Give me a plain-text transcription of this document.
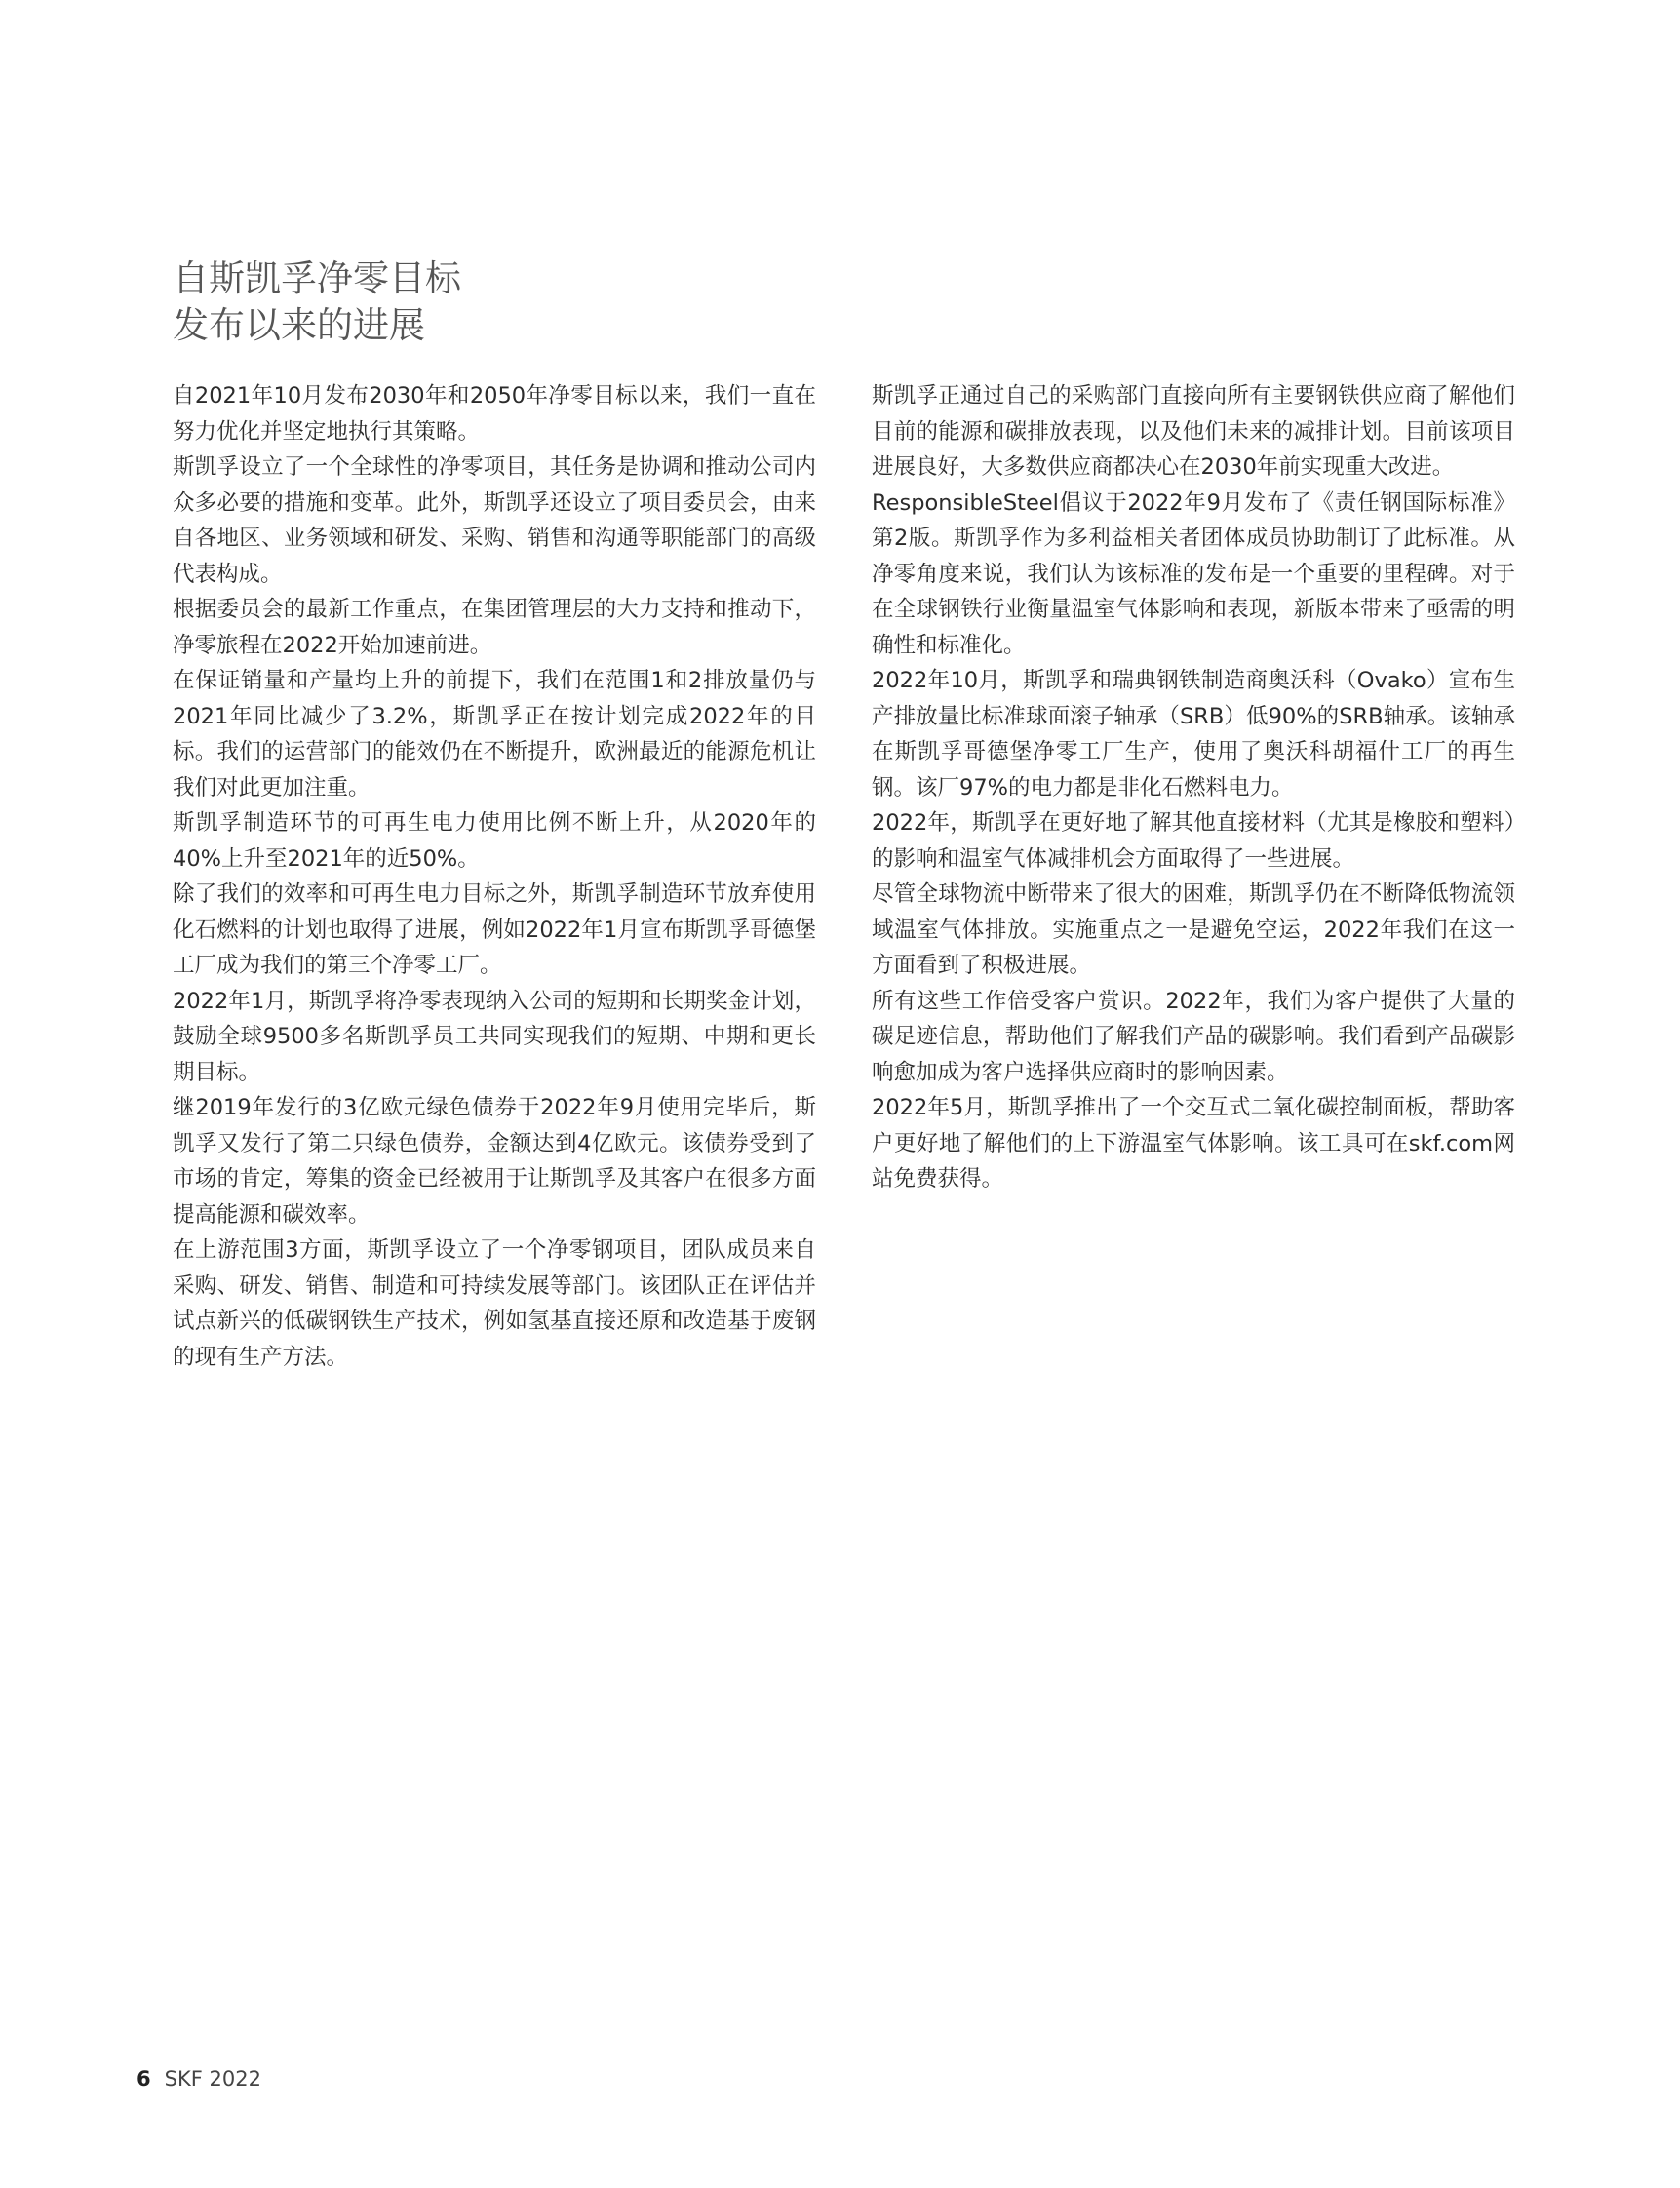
自斯凯孚净零目标
发布以来的进展

自2021年10月发布2030年和2050年净零目标以来，我们一直在努力优化并坚定地执行其策略。

斯凯孚设立了一个全球性的净零项目，其任务是协调和推动公司内众多必要的措施和变革。此外，斯凯孚还设立了项目委员会，由来自各地区、业务领域和研发、采购、销售和沟通等职能部门的高级代表构成。

根据委员会的最新工作重点，在集团管理层的大力支持和推动下，净零旅程在2022开始加速前进。

在保证销量和产量均上升的前提下，我们在范围1和2排放量仍与2021年同比减少了3.2%，斯凯孚正在按计划完成2022年的目标。我们的运营部门的能效仍在不断提升，欧洲最近的能源危机让我们对此更加注重。

斯凯孚制造环节的可再生电力使用比例不断上升，从2020年的40%上升至2021年的近50%。

除了我们的效率和可再生电力目标之外，斯凯孚制造环节放弃使用化石燃料的计划也取得了进展，例如2022年1月宣布斯凯孚哥德堡工厂成为我们的第三个净零工厂。

2022年1月，斯凯孚将净零表现纳入公司的短期和长期奖金计划，鼓励全球9500多名斯凯孚员工共同实现我们的短期、中期和更长期目标。

继2019年发行的3亿欧元绿色债券于2022年9月使用完毕后，斯凯孚又发行了第二只绿色债券，金额达到4亿欧元。该债券受到了市场的肯定，筹集的资金已经被用于让斯凯孚及其客户在很多方面提高能源和碳效率。

在上游范围3方面，斯凯孚设立了一个净零钢项目，团队成员来自采购、研发、销售、制造和可持续发展等部门。该团队正在评估并试点新兴的低碳钢铁生产技术，例如氢基直接还原和改造基于废钢的现有生产方法。

斯凯孚正通过自己的采购部门直接向所有主要钢铁供应商了解他们目前的能源和碳排放表现，以及他们未来的减排计划。目前该项目进展良好，大多数供应商都决心在2030年前实现重大改进。

ResponsibleSteel倡议于2022年9月发布了《责任钢国际标准》第2版。斯凯孚作为多利益相关者团体成员协助制订了此标准。从净零角度来说，我们认为该标准的发布是一个重要的里程碑。对于在全球钢铁行业衡量温室气体影响和表现，新版本带来了亟需的明确性和标准化。

2022年10月，斯凯孚和瑞典钢铁制造商奥沃科（Ovako）宣布生产排放量比标准球面滚子轴承（SRB）低90%的SRB轴承。该轴承在斯凯孚哥德堡净零工厂生产，使用了奥沃科胡福什工厂的再生钢。该厂97%的电力都是非化石燃料电力。

2022年，斯凯孚在更好地了解其他直接材料（尤其是橡胶和塑料）的影响和温室气体减排机会方面取得了一些进展。

尽管全球物流中断带来了很大的困难，斯凯孚仍在不断降低物流领域温室气体排放。实施重点之一是避免空运，2022年我们在这一方面看到了积极进展。

所有这些工作倍受客户赏识。2022年，我们为客户提供了大量的碳足迹信息，帮助他们了解我们产品的碳影响。我们看到产品碳影响愈加成为客户选择供应商时的影响因素。

2022年5月，斯凯孚推出了一个交互式二氧化碳控制面板，帮助客户更好地了解他们的上下游温室气体影响。该工具可在skf.com网站免费获得。

6 SKF 2022
